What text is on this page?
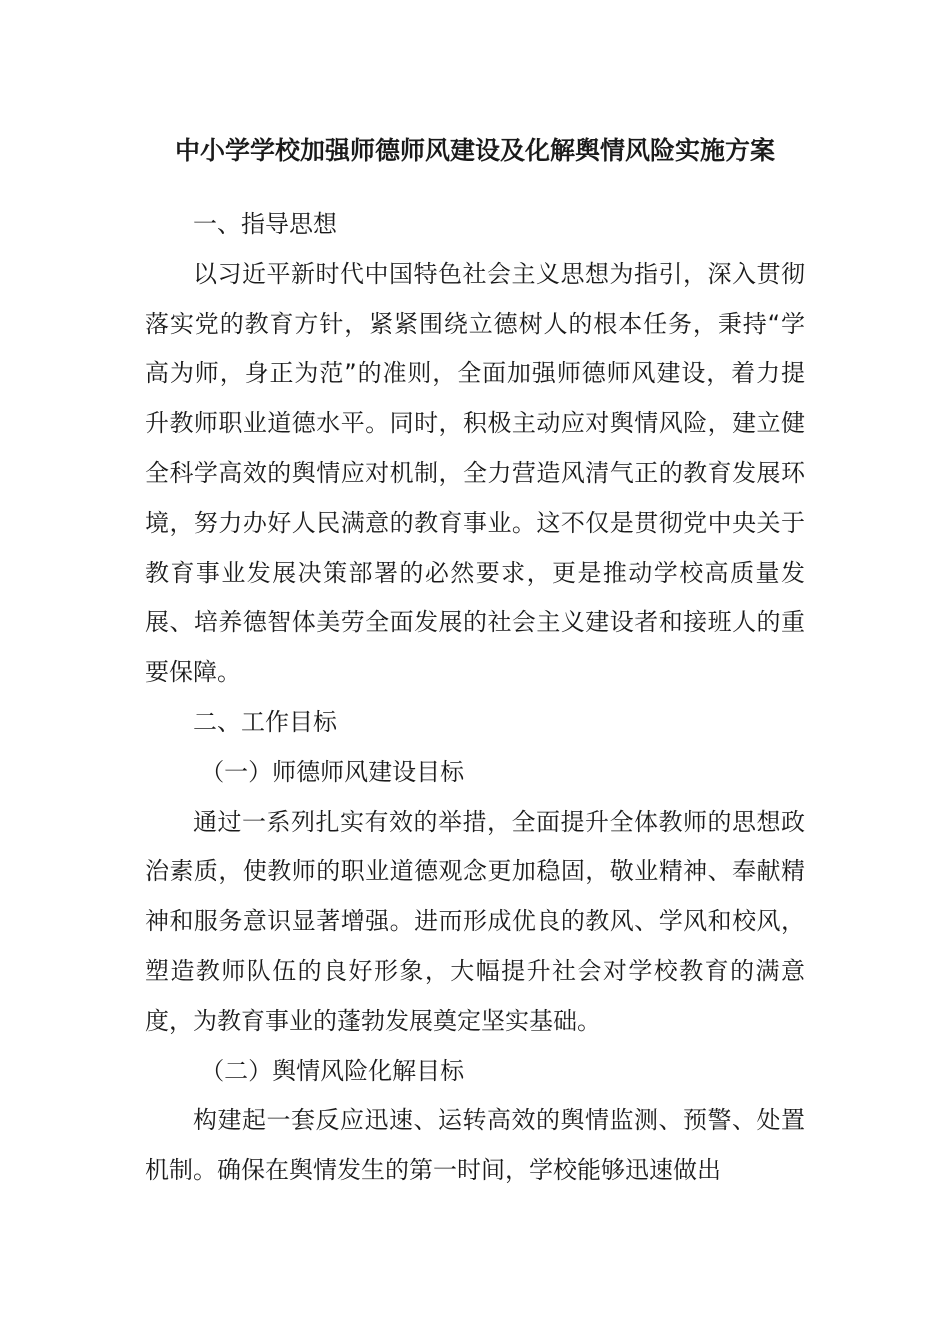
中小学学校加强师德师风建设及化解舆情风险实施方案

一、指导思想

以习近平新时代中国特色社会主义思想为指引，深入贯彻落实党的教育方针，紧紧围绕立德树人的根本任务，秉持“学高为师，身正为范”的准则，全面加强师德师风建设，着力提升教师职业道德水平。同时，积极主动应对舆情风险，建立健全科学高效的舆情应对机制，全力营造风清气正的教育发展环境，努力办好人民满意的教育事业。这不仅是贯彻党中央关于教育事业发展决策部署的必然要求，更是推动学校高质量发展、培养德智体美劳全面发展的社会主义建设者和接班人的重要保障。

二、工作目标

（一）师德师风建设目标

通过一系列扎实有效的举措，全面提升全体教师的思想政治素质，使教师的职业道德观念更加稳固，敬业精神、奉献精神和服务意识显著增强。进而形成优良的教风、学风和校风，塑造教师队伍的良好形象，大幅提升社会对学校教育的满意度，为教育事业的蓬勃发展奠定坚实基础。

（二）舆情风险化解目标

构建起一套反应迅速、运转高效的舆情监测、预警、处置机制。确保在舆情发生的第一时间，学校能够迅速做出
